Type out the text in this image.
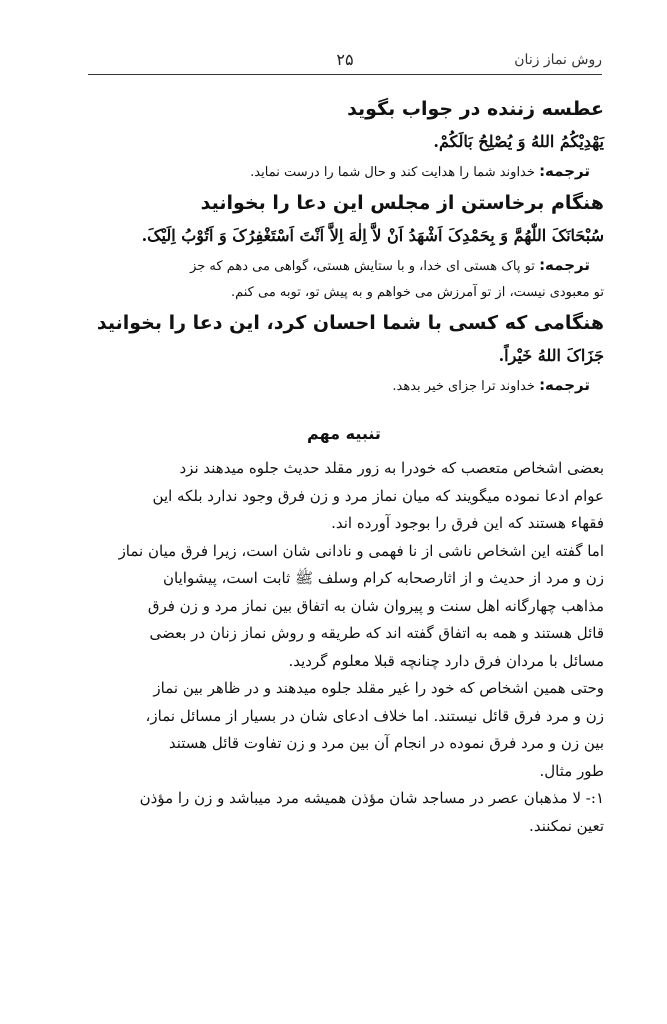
۲۵	روش نماز زنان

عطسه زننده در جواب بگوید

يَهْدِيْكُمُ اللهُ وَ يُصْلِحُ بَالَكُمْ.

ترجمه: خداوند شما را هدایت کند و حال شما را درست نماید.

هنگام برخاستن از مجلس این دعا را بخوانید

سُبْحَانَکَ اللّٰهُمَّ وَ بِحَمْدِکَ اَشْهَدُ اَنْ لاَّ اِلٰهَ اِلاَّ اَنْتَ اَسْتَغْفِرُکَ وَ اَتُوْبُ اِلَيْکَ.

ترجمه: تو پاک هستی ای خدا، و با ستایش هستی، گواهی می دهم که جز

تو معبودی نیست، از تو آمرزش می خواهم و به پیش تو، توبه می کنم.

هنگامی که کسی با شما احسان کرد، این دعا را بخوانید

جَزَاکَ اللهُ خَيْراً.

ترجمه: خداوند ترا جزای خیر بدهد.

تنبیه مهم

بعضی اشخاص متعصب که خودرا به زور مقلد حدیث جلوه میدهند نزد

عوام ادعا نموده میگویند که میان نماز مرد و زن فرق وجود ندارد بلکه این

فقهاء هستند که این فرق را بوجود آورده اند.

اما گفته این اشخاص ناشی از نا فهمی و نادانی شان است، زیرا فرق میان نماز

زن و مرد از حدیث و از اثارصحابه کرام وسلف ﷺ ثابت است، پیشوایان

مذاهب چهارگانه اهل سنت و پیروان شان به اتفاق بین نماز مرد و زن فرق

قائل هستند و همه به اتفاق گفته اند که طریقه و روش نماز زنان در بعضی

مسائل با مردان فرق دارد چنانچه قبلا معلوم گردید.

وحتی همین اشخاص که خود را غیر مقلد جلوه میدهند و در ظاهر بین نماز

زن و مرد فرق قائل نیستند. اما خلاف ادعای شان در بسیار از مسائل نماز،

بین زن و مرد فرق نموده در انجام آن بین مرد و زن تفاوت قائل هستند

طور مثال.

۱:- لا مذهبان عصر در مساجد شان مؤذن همیشه مرد میباشد و زن را مؤذن

تعین نمکنند.
